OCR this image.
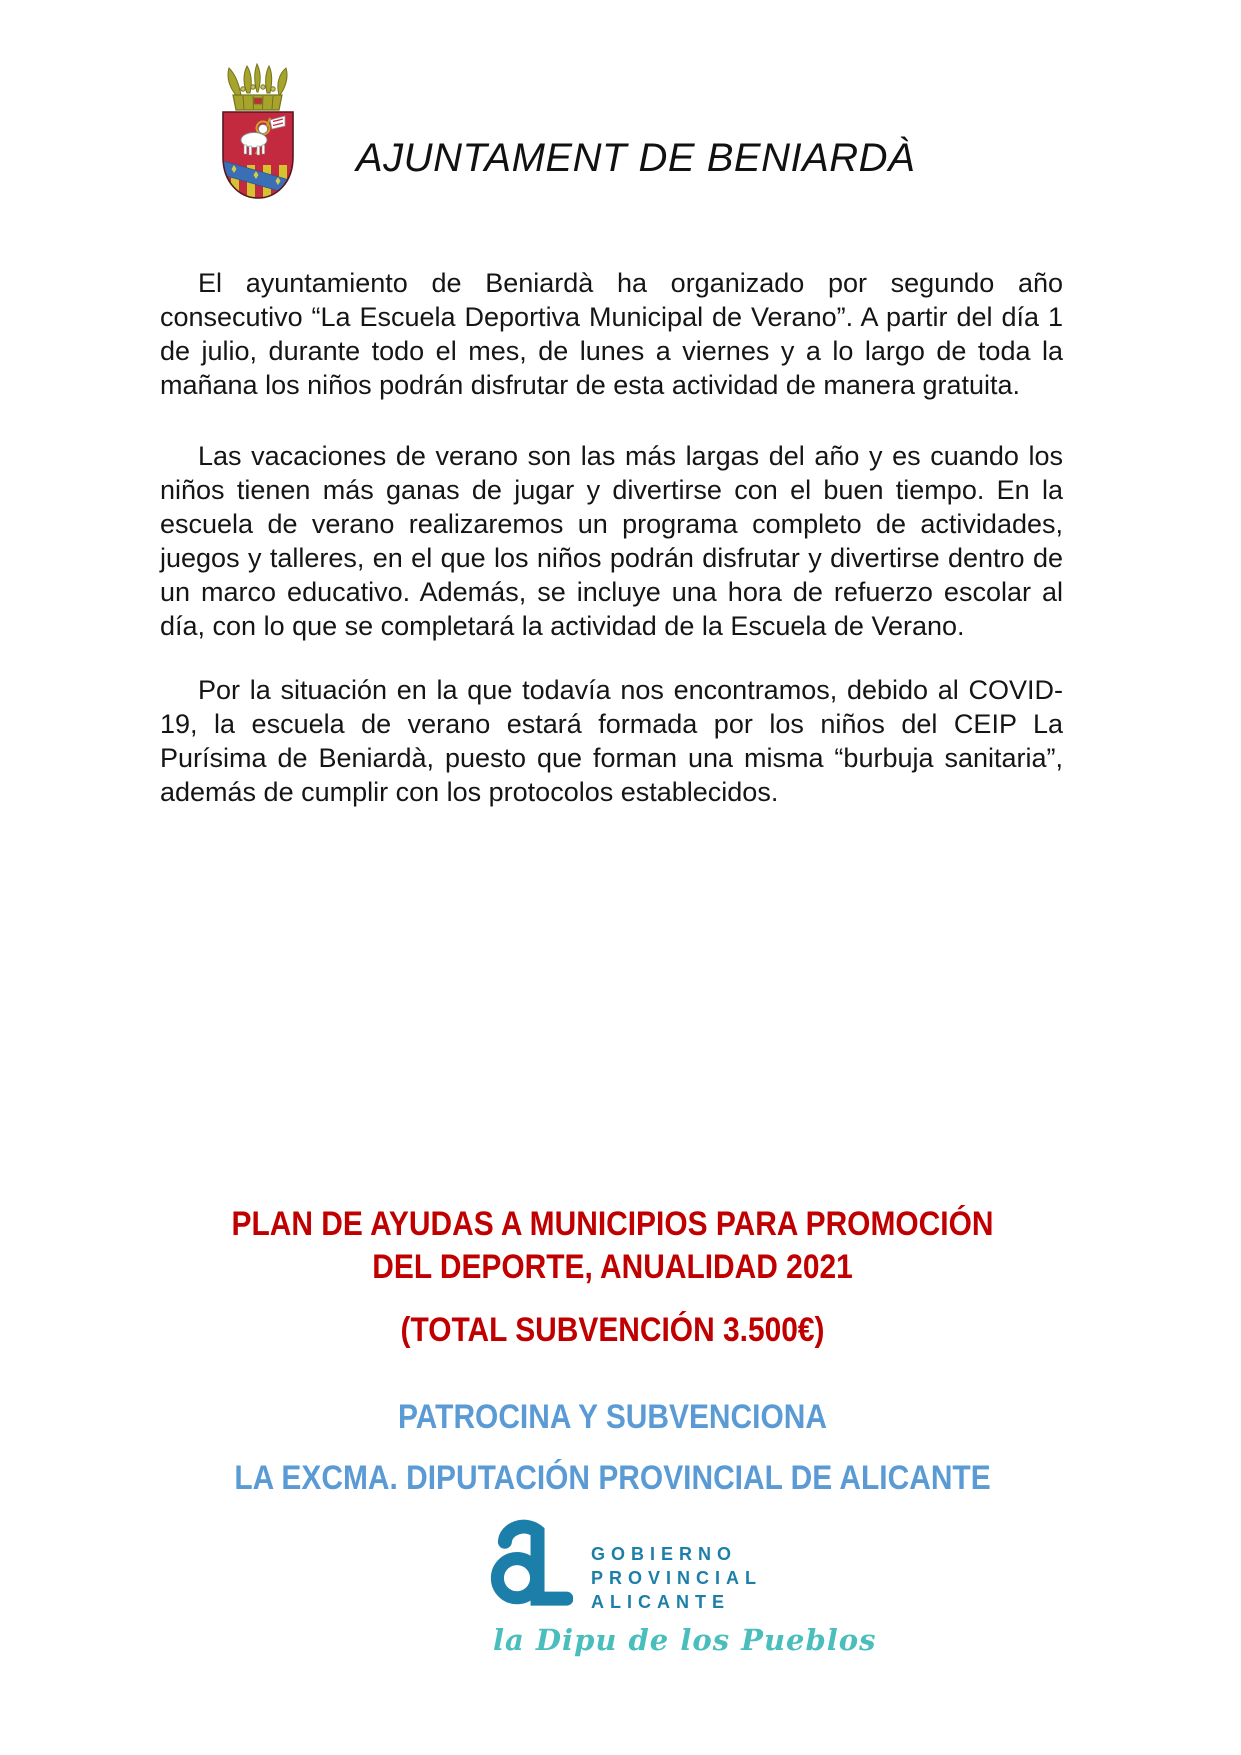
AJUNTAMENT DE BENIARDÀ

El ayuntamiento de Beniardà ha organizado por segundo año consecutivo “La Escuela Deportiva Municipal de Verano”. A partir del día 1 de julio, durante todo el mes, de lunes a viernes y a lo largo de toda la mañana los niños podrán disfrutar de esta actividad de manera gratuita.

Las vacaciones de verano son las más largas del año y es cuando los niños tienen más ganas de jugar y divertirse con el buen tiempo. En la escuela de verano realizaremos un programa completo de actividades, juegos y talleres, en el que los niños podrán disfrutar y divertirse dentro de un marco educativo. Además, se incluye una hora de refuerzo escolar al día, con lo que se completará la actividad de la Escuela de Verano.

Por la situación en la que todavía nos encontramos, debido al COVID-19, la escuela de verano estará formada por los niños del CEIP La Purísima de Beniardà, puesto que forman una misma “burbuja sanitaria”, además de cumplir con los protocolos establecidos.

PLAN DE AYUDAS A MUNICIPIOS PARA PROMOCIÓN
DEL DEPORTE, ANUALIDAD 2021
(TOTAL SUBVENCIÓN 3.500€)
PATROCINA Y SUBVENCIONA
LA EXCMA. DIPUTACIÓN PROVINCIAL DE ALICANTE
GOBIERNO
PROVINCIAL
ALICANTE
la Dipu de los Pueblos
